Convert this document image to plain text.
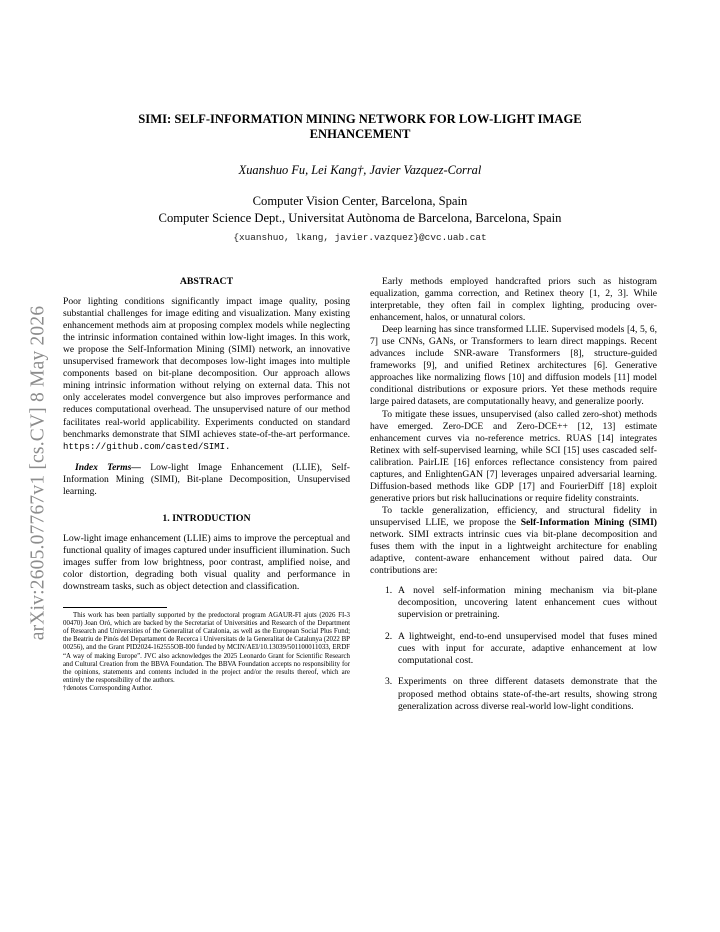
arXiv:2605.07767v1 [cs.CV] 8 May 2026
SIMI: SELF-INFORMATION MINING NETWORK FOR LOW-LIGHT IMAGE
ENHANCEMENT
Xuanshuo Fu, Lei Kang†, Javier Vazquez-Corral
Computer Vision Center, Barcelona, Spain
Computer Science Dept., Universitat Autònoma de Barcelona, Barcelona, Spain
{xuanshuo, lkang, javier.vazquez}@cvc.uab.cat
ABSTRACT

Poor lighting conditions significantly impact image quality, posing substantial challenges for image editing and visualization. Many existing enhancement methods aim at proposing complex models while neglecting the intrinsic information contained within low-light images. In this work, we propose the Self-Information Mining (SIMI) network, an innovative unsupervised framework that decomposes low-light images into multiple components based on bit-plane decomposition. Our approach allows mining intrinsic information without relying on external data. This not only accelerates model convergence but also improves performance and reduces computational overhead. The unsupervised nature of our method facilitates real-world applicability. Experiments conducted on standard benchmarks demonstrate that SIMI achieves state-of-the-art performance. https://github.com/casted/SIMI.

Index Terms— Low-light Image Enhancement (LLIE), Self-Information Mining (SIMI), Bit-plane Decomposition, Unsupervised learning.

1. INTRODUCTION

Low-light image enhancement (LLIE) aims to improve the perceptual and functional quality of images captured under insufficient illumination. Such images suffer from low brightness, poor contrast, amplified noise, and color distortion, degrading both visual quality and performance in downstream tasks, such as object detection and classification.

This work has been partially supported by the predoctoral program AGAUR-FI ajuts (2026 FI-3 00470) Joan Oró, which are backed by the Secretariat of Universities and Research of the Department of Research and Universities of the Generalitat of Catalonia, as well as the European Social Plus Fund; the Beatriu de Pinós del Departament de Recerca i Universitats de la Generalitat de Catalunya (2022 BP 00256), and the Grant PID2024-162555OB-I00 funded by MCIN/AEI/10.13039/501100011033, ERDF “A way of making Europe”. JVC also acknowledges the 2025 Leonardo Grant for Scientific Research and Cultural Creation from the BBVA Foundation. The BBVA Foundation accepts no responsibility for the opinions, statements and contents included in the project and/or the results thereof, which are entirely the responsibility of the authors.

†denotes Corresponding Author.

Early methods employed handcrafted priors such as histogram equalization, gamma correction, and Retinex theory [1, 2, 3]. While interpretable, they often fail in complex lighting, producing over-enhancement, halos, or unnatural colors.

Deep learning has since transformed LLIE. Supervised models [4, 5, 6, 7] use CNNs, GANs, or Transformers to learn direct mappings. Recent advances include SNR-aware Transformers [8], structure-guided frameworks [9], and unified Retinex architectures [6]. Generative approaches like normalizing flows [10] and diffusion models [11] model conditional distributions or exposure priors. Yet these methods require large paired datasets, are computationally heavy, and generalize poorly.

To mitigate these issues, unsupervised (also called zero-shot) methods have emerged. Zero-DCE and Zero-DCE++ [12, 13] estimate enhancement curves via no-reference metrics. RUAS [14] integrates Retinex with self-supervised learning, while SCI [15] uses cascaded self-calibration. PairLIE [16] enforces reflectance consistency from paired captures, and EnlightenGAN [7] leverages unpaired adversarial learning. Diffusion-based methods like GDP [17] and FourierDiff [18] exploit generative priors but risk hallucinations or require fidelity constraints.

To tackle generalization, efficiency, and structural fidelity in unsupervised LLIE, we propose the Self-Information Mining (SIMI) network. SIMI extracts intrinsic cues via bit-plane decomposition and fuses them with the input in a lightweight architecture for enabling adaptive, content-aware enhancement without paired data. Our contributions are:

1. A novel self-information mining mechanism via bit-plane decomposition, uncovering latent enhancement cues without supervision or pretraining.
2. A lightweight, end-to-end unsupervised model that fuses mined cues with input for accurate, adaptive enhancement at low computational cost.
3. Experiments on three different datasets demonstrate that the proposed method obtains state-of-the-art results, showing strong generalization across diverse real-world low-light conditions.
